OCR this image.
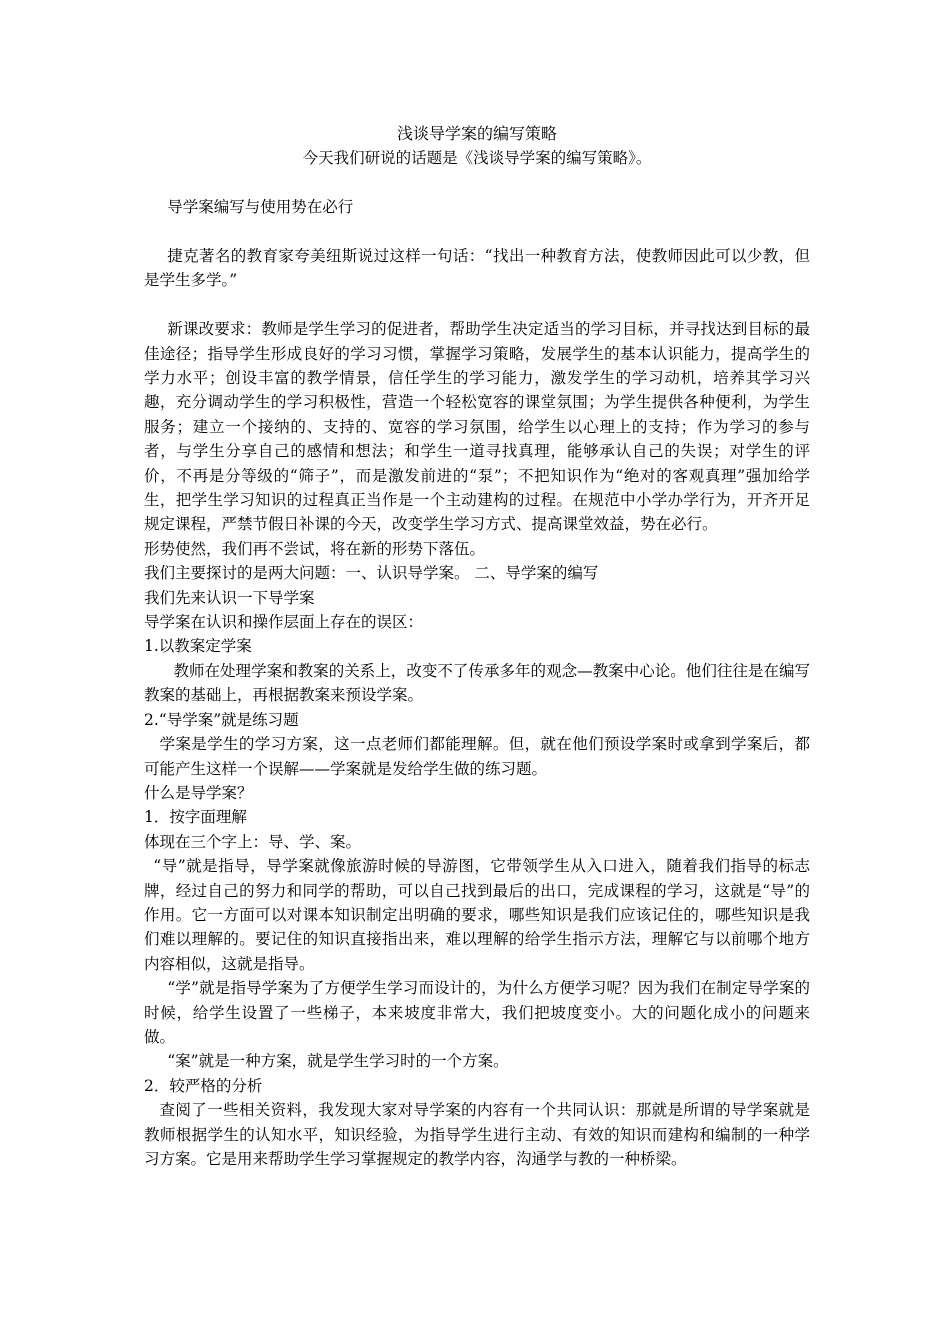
浅谈导学案的编写策略
今天我们研说的话题是《浅谈导学案的编写策略》。

导学案编写与使用势在必行

捷克著名的教育家夸美纽斯说过这样一句话：“找出一种教育方法，使教师因此可以少教，但是学生多学。”

新课改要求：教师是学生学习的促进者，帮助学生决定适当的学习目标，并寻找达到目标的最佳途径；指导学生形成良好的学习习惯，掌握学习策略，发展学生的基本认识能力，提高学生的学力水平；创设丰富的教学情景，信任学生的学习能力，激发学生的学习动机，培养其学习兴趣，充分调动学生的学习积极性，营造一个轻松宽容的课堂氛围；为学生提供各种便利，为学生服务；建立一个接纳的、支持的、宽容的学习氛围，给学生以心理上的支持；作为学习的参与者，与学生分享自己的感情和想法；和学生一道寻找真理，能够承认自己的失误；对学生的评价，不再是分等级的“筛子”，而是激发前进的“泵”；不把知识作为“绝对的客观真理”强加给学生，把学生学习知识的过程真正当作是一个主动建构的过程。在规范中小学办学行为，开齐开足规定课程，严禁节假日补课的今天，改变学生学习方式、提高课堂效益，势在必行。

形势使然，我们再不尝试，将在新的形势下落伍。

我们主要探讨的是两大问题：一、认识导学案。 二、导学案的编写

我们先来认识一下导学案

导学案在认识和操作层面上存在的误区：

1.以教案定学案

教师在处理学案和教案的关系上，改变不了传承多年的观念—教案中心论。他们往往是在编写教案的基础上，再根据教案来预设学案。

2.“导学案”就是练习题

学案是学生的学习方案，这一点老师们都能理解。但，就在他们预设学案时或拿到学案后，都可能产生这样一个误解——学案就是发给学生做的练习题。

什么是导学案？

1．按字面理解

体现在三个字上：导、学、案。

“导”就是指导，导学案就像旅游时候的导游图，它带领学生从入口进入，随着我们指导的标志牌，经过自己的努力和同学的帮助，可以自己找到最后的出口，完成课程的学习，这就是“导”的作用。它一方面可以对课本知识制定出明确的要求，哪些知识是我们应该记住的，哪些知识是我们难以理解的。要记住的知识直接指出来，难以理解的给学生指示方法，理解它与以前哪个地方内容相似，这就是指导。

“学”就是指导学案为了方便学生学习而设计的，为什么方便学习呢？因为我们在制定导学案的时候，给学生设置了一些梯子，本来坡度非常大，我们把坡度变小。大的问题化成小的问题来做。

“案”就是一种方案，就是学生学习时的一个方案。

2．较严格的分析

查阅了一些相关资料，我发现大家对导学案的内容有一个共同认识：那就是所谓的导学案就是教师根据学生的认知水平，知识经验，为指导学生进行主动、有效的知识而建构和编制的一种学习方案。它是用来帮助学生学习掌握规定的教学内容，沟通学与教的一种桥梁。
